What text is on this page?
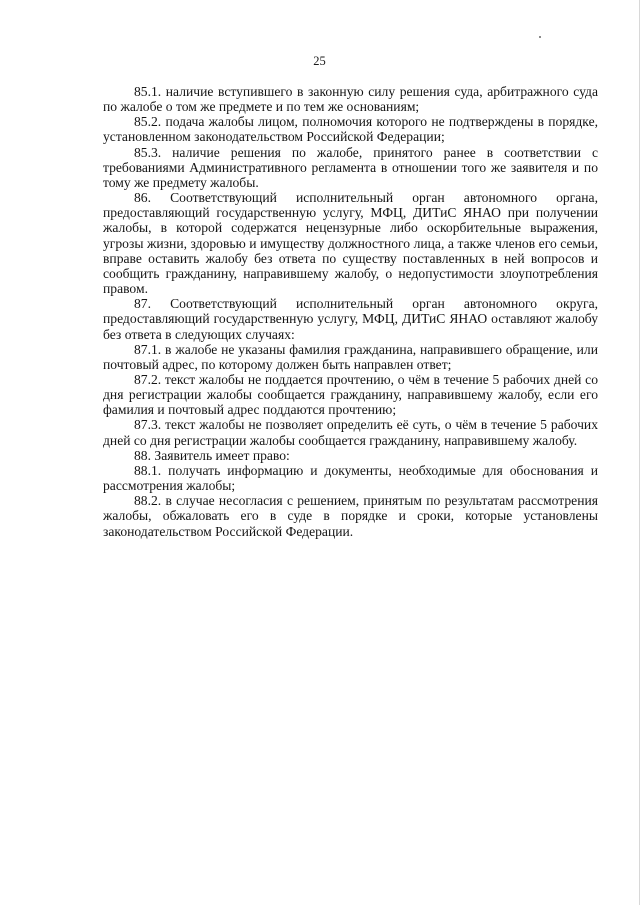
25

85.1. наличие вступившего в законную силу решения суда, арбитражного суда по жалобе о том же предмете и по тем же основаниям;

85.2. подача жалобы лицом, полномочия которого не подтверждены в порядке, установленном законодательством Российской Федерации;

85.3. наличие решения по жалобе, принятого ранее в соответствии с требованиями Административного регламента в отношении того же заявителя и по тому же предмету жалобы.

86. Соответствующий исполнительный орган автономного органа, предоставляющий государственную услугу, МФЦ, ДИТиС ЯНАО при получении жалобы, в которой содержатся нецензурные либо оскорбительные выражения, угрозы жизни, здоровью и имуществу должностного лица, а также членов его семьи, вправе оставить жалобу без ответа по существу поставленных в ней вопросов и сообщить гражданину, направившему жалобу, о недопустимости злоупотребления правом.

87. Соответствующий исполнительный орган автономного округа, предоставляющий государственную услугу, МФЦ, ДИТиС ЯНАО оставляют жалобу без ответа в следующих случаях:

87.1. в жалобе не указаны фамилия гражданина, направившего обращение, или почтовый адрес, по которому должен быть направлен ответ;

87.2. текст жалобы не поддается прочтению, о чём в течение 5 рабочих дней со дня регистрации жалобы сообщается гражданину, направившему жалобу, если его фамилия и почтовый адрес поддаются прочтению;

87.3. текст жалобы не позволяет определить её суть, о чём в течение 5 рабочих дней со дня регистрации жалобы сообщается гражданину, направившему жалобу.

88. Заявитель имеет право:

88.1. получать информацию и документы, необходимые для обоснования и рассмотрения жалобы;

88.2. в случае несогласия с решением, принятым по результатам рассмотрения жалобы, обжаловать его в суде в порядке и сроки, которые установлены законодательством Российской Федерации.
